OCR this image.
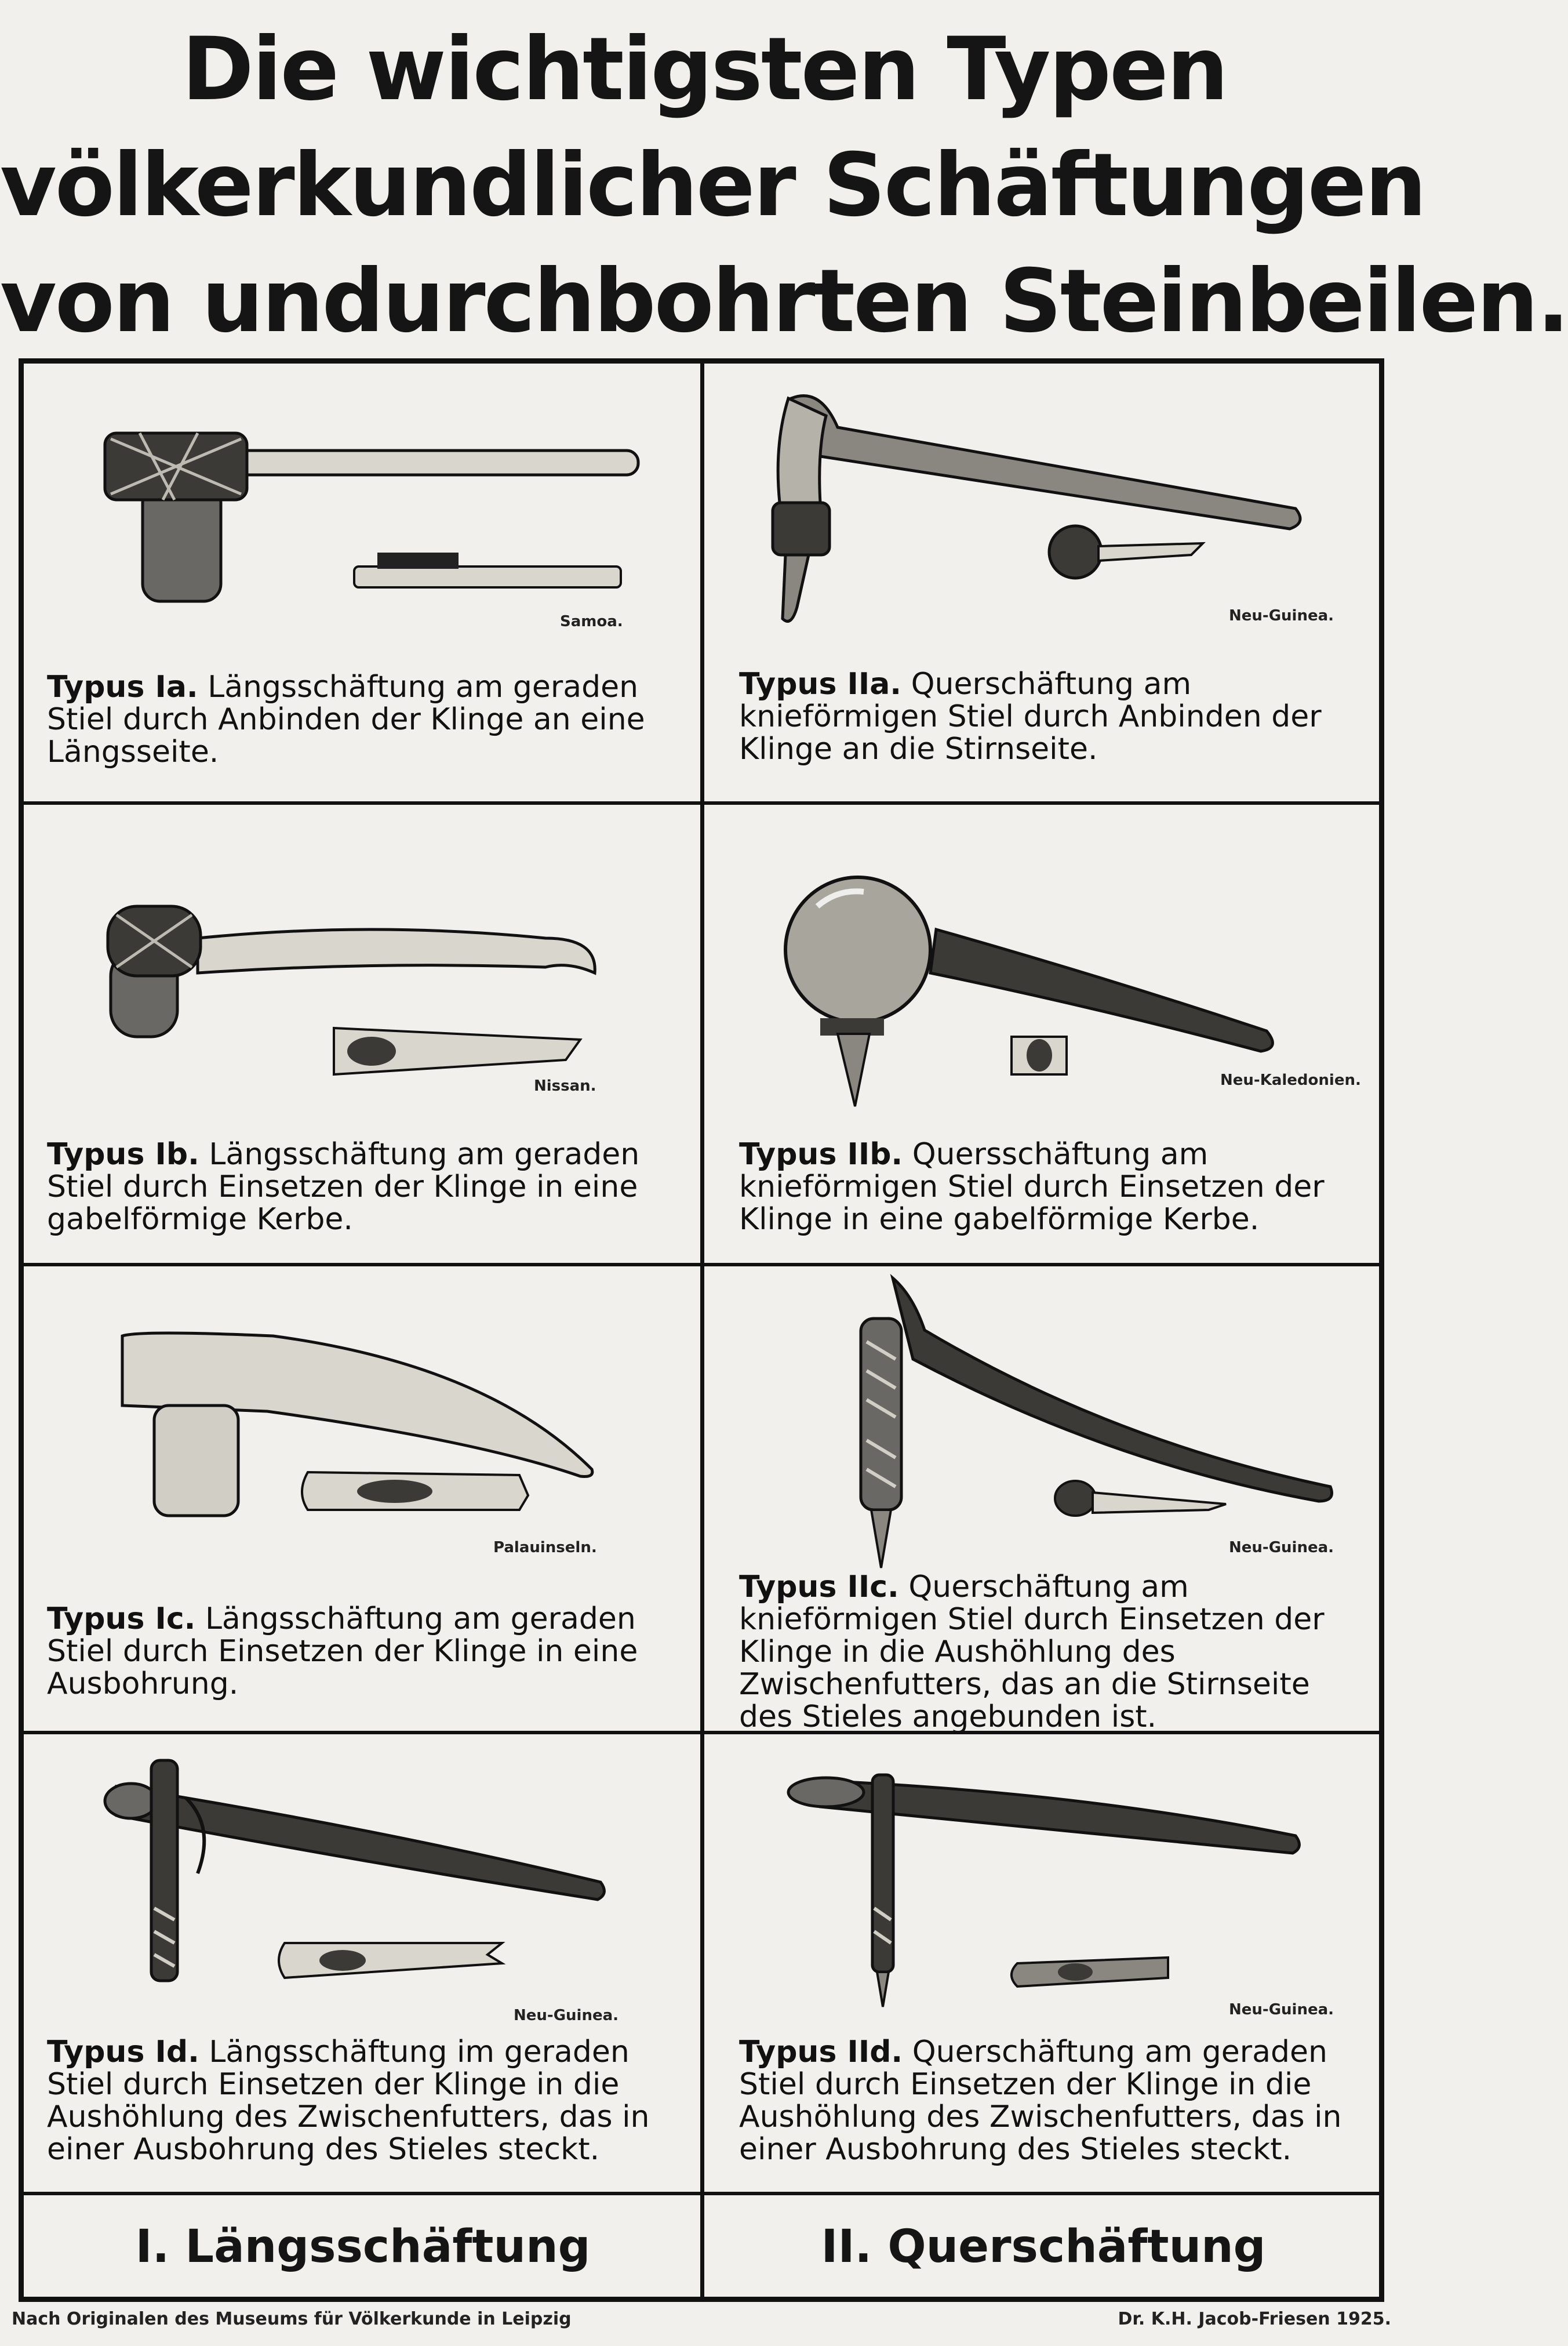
Die wichtigsten Typen
völkerkundlicher Schäftungen
von undurchbohrten Steinbeilen.
Samoa.
Typus Ia. Längsschäftung am geraden Stiel durch Anbinden der Klinge an eine Längsseite.
Neu-Guinea.
Typus IIa. Querschäftung am knieförmigen Stiel durch Anbinden der Klinge an die Stirnseite.
Nissan.
Typus Ib. Längsschäftung am geraden Stiel durch Einsetzen der Klinge in eine gabelförmige Kerbe.
Neu-Kaledonien.
Typus IIb. Quersschäftung am knieförmigen Stiel durch Einsetzen der Klinge in eine gabelförmige Kerbe.
Palauinseln.
Typus Ic. Längsschäftung am geraden Stiel durch Einsetzen der Klinge in eine Ausbohrung.
Neu-Guinea.
Typus IIc. Querschäftung am knieförmigen Stiel durch Einsetzen der Klinge in die Aushöhlung des Zwischenfutters, das an die Stirnseite des Stieles angebunden ist.
Neu-Guinea.
Typus Id. Längsschäftung im geraden Stiel durch Einsetzen der Klinge in die Aushöhlung des Zwischenfutters, das in einer Ausbohrung des Stieles steckt.
Neu-Guinea.
Typus IId. Querschäftung am geraden Stiel durch Einsetzen der Klinge in die Aushöhlung des Zwischenfutters, das in einer Ausbohrung des Stieles steckt.
I. Längsschäftung	II. Querschäftung
Nach Originalen des Museums für Völkerkunde in Leipzig	Dr. K.H. Jacob-Friesen 1925.
